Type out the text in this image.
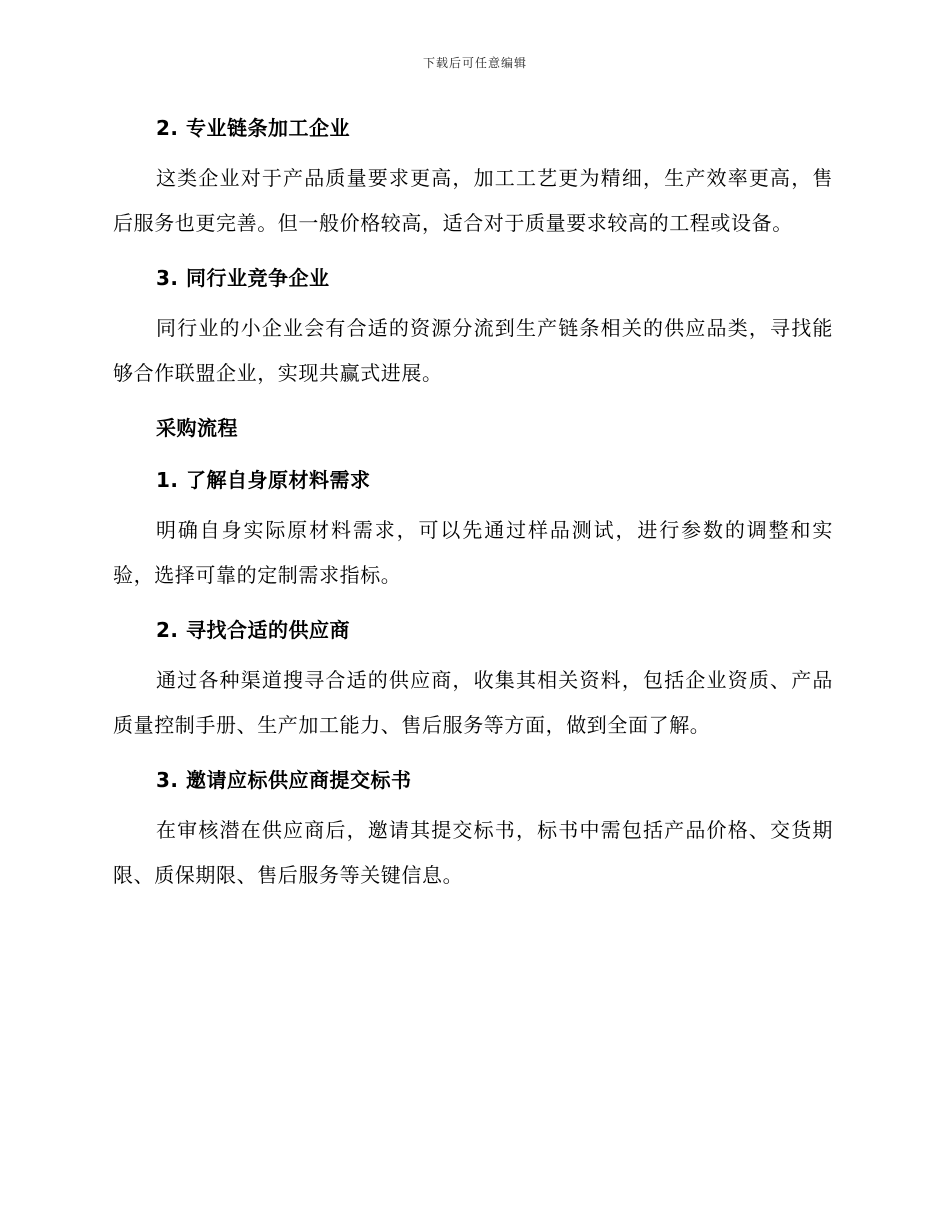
下载后可任意编辑
2. 专业链条加工企业
这类企业对于产品质量要求更高，加工工艺更为精细，生产效率更高，售后服务也更完善。但一般价格较高，适合对于质量要求较高的工程或设备。
3. 同行业竞争企业
同行业的小企业会有合适的资源分流到生产链条相关的供应品类，寻找能够合作联盟企业，实现共赢式进展。
采购流程
1. 了解自身原材料需求
明确自身实际原材料需求，可以先通过样品测试，进行参数的调整和实验，选择可靠的定制需求指标。
2. 寻找合适的供应商
通过各种渠道搜寻合适的供应商，收集其相关资料，包括企业资质、产品质量控制手册、生产加工能力、售后服务等方面，做到全面了解。
3. 邀请应标供应商提交标书
在审核潜在供应商后，邀请其提交标书，标书中需包括产品价格、交货期限、质保期限、售后服务等关键信息。
